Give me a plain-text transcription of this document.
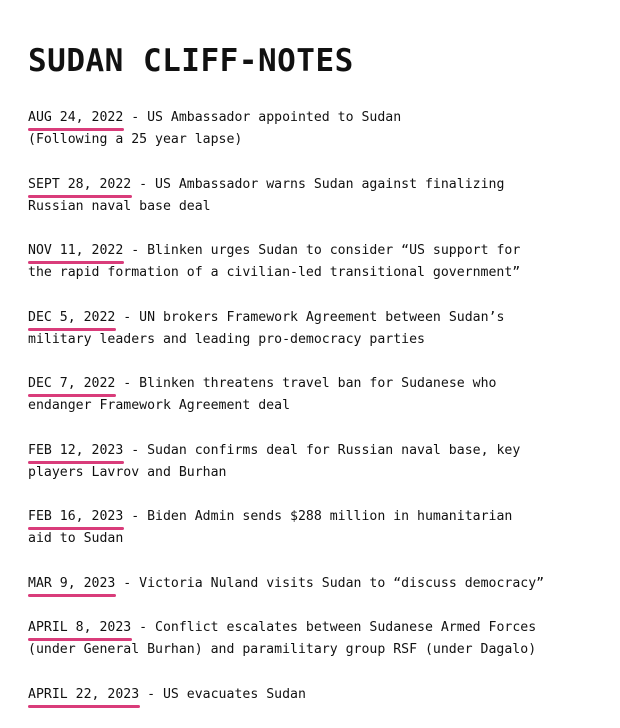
SUDAN CLIFF-NOTES
AUG 24, 2022 - US Ambassador appointed to Sudan
(Following a 25 year lapse)
SEPT 28, 2022 - US Ambassador warns Sudan against finalizing
Russian naval base deal
NOV 11, 2022 - Blinken urges Sudan to consider “US support for
the rapid formation of a civilian-led transitional government”
DEC 5, 2022 - UN brokers Framework Agreement between Sudan’s
military leaders and leading pro-democracy parties
DEC 7, 2022 - Blinken threatens travel ban for Sudanese who
endanger Framework Agreement deal
FEB 12, 2023 - Sudan confirms deal for Russian naval base, key
players Lavrov and Burhan
FEB 16, 2023 - Biden Admin sends $288 million in humanitarian
aid to Sudan
MAR 9, 2023 - Victoria Nuland visits Sudan to “discuss democracy”
APRIL 8, 2023 - Conflict escalates between Sudanese Armed Forces
(under General Burhan) and paramilitary group RSF (under Dagalo)
APRIL 22, 2023 - US evacuates Sudan
